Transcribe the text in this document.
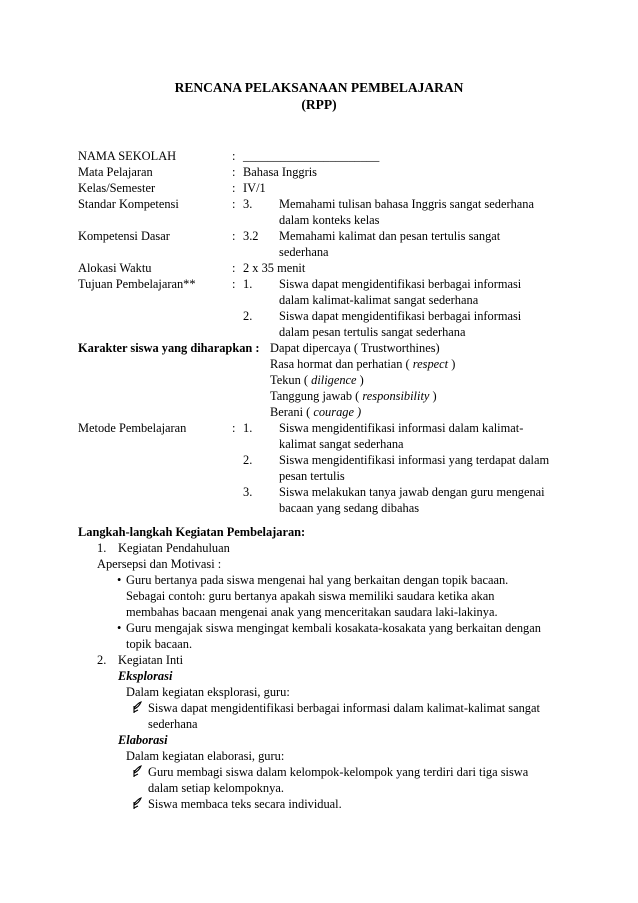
RENCANA PELAKSANAAN PEMBELAJARAN
(RPP)
NAMA SEKOLAH	: ______________________
Mata Pelajaran	: Bahasa Inggris
Kelas/Semester	: IV/1
Standar Kompetensi	: 3. Memahami tulisan bahasa Inggris sangat sederhana
dalam konteks kelas
Kompetensi Dasar	: 3.2 Memahami kalimat dan pesan tertulis sangat
sederhana
Alokasi Waktu	: 2 x 35 menit
Tujuan Pembelajaran**	: 1. Siswa dapat mengidentifikasi berbagai informasi
dalam kalimat-kalimat sangat sederhana
2. Siswa dapat mengidentifikasi berbagai informasi
dalam pesan tertulis sangat sederhana
Karakter siswa yang diharapkan : Dapat dipercaya ( Trustworthines)
Rasa hormat dan perhatian ( respect )
Tekun ( diligence )
Tanggung jawab ( responsibility )
Berani ( courage )
Metode Pembelajaran	: 1. Siswa mengidentifikasi informasi dalam kalimat-
kalimat sangat sederhana
2. Siswa mengidentifikasi informasi yang terdapat dalam
pesan tertulis
3. Siswa melakukan tanya jawab dengan guru mengenai
bacaan yang sedang dibahas
Langkah-langkah Kegiatan Pembelajaran:
1. Kegiatan Pendahuluan
Apersepsi dan Motivasi :
• Guru bertanya pada siswa mengenai hal yang berkaitan dengan topik bacaan.
Sebagai contoh: guru bertanya apakah siswa memiliki saudara ketika akan
membahas bacaan mengenai anak yang menceritakan saudara laki-lakinya.
• Guru mengajak siswa mengingat kembali kosakata-kosakata yang berkaitan dengan
topik bacaan.
2. Kegiatan Inti
Eksplorasi
Dalam kegiatan eksplorasi, guru:
Siswa dapat mengidentifikasi berbagai informasi dalam kalimat-kalimat sangat
sederhana
Elaborasi
Dalam kegiatan elaborasi, guru:
Guru membagi siswa dalam kelompok-kelompok yang terdiri dari tiga siswa
dalam setiap kelompoknya.
Siswa membaca teks secara individual.
